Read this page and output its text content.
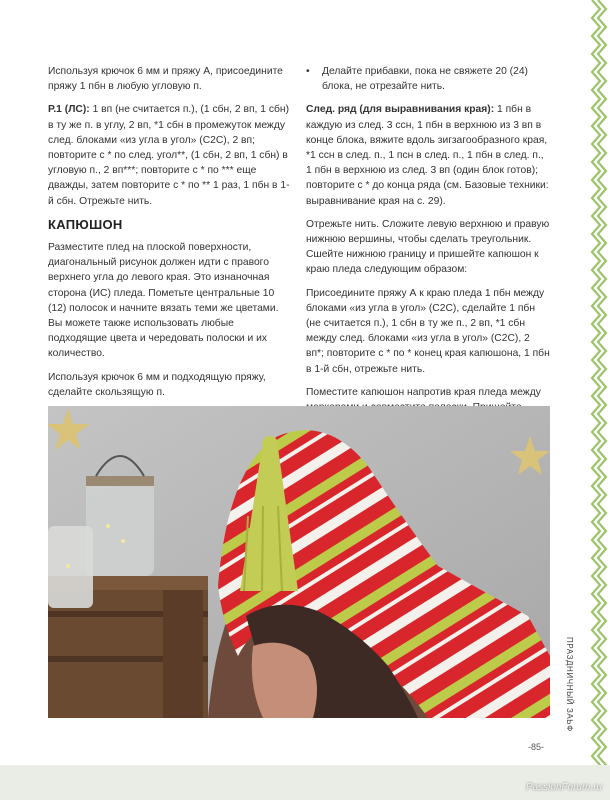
Используя крючок 6 мм и пряжу А, присоедините пряжу 1 пбн в любую угловую п.

Р.1 (ЛС): 1 вп (не считается п.), (1 сбн, 2 вп, 1 сбн) в ту же п. в углу, 2 вп, *1 сбн в промежуток между след. блоками «из угла в угол» (C2C), 2 вп; повторите с * по след. угол**, (1 сбн, 2 вп, 1 сбн) в угловую п., 2 вп***; повторите с * по *** еще дважды, затем повторите с * по ** 1 раз, 1 пбн в 1-й сбн. Отрежьте нить.

КАПЮШОН

Разместите плед на плоской поверхности, диагональный рисунок должен идти с правого верхнего угла до левого края. Это изнаночная сторона (ИС) пледа. Пометьте центральные 10 (12) полосок и начните вязать теми же цветами. Вы можете также использовать любые подходящие цвета и чередовать полоски и их количество.

Используя крючок 6 мм и подходящую пряжу, сделайте скользящую п.

•	Делайте прибавки, пока не свяжете 20 (24) блока, не отрезайте нить.

След. ряд (для выравнивания края): 1 пбн в каждую из след. 3 ссн, 1 пбн в верхнюю из 3 вп в конце блока, вяжите вдоль зигзагообразного края, *1 ссн в след. п., 1 псн в след. п., 1 пбн в след. п., 1 пбн в верхнюю из след. 3 вп (один блок готов); повторите с * до конца ряда (см. Базовые техники: выравнивание края на с. 29).

Отрежьте нить. Сложите левую верхнюю и правую нижнюю вершины, чтобы сделать треугольник. Сшейте нижнюю границу и пришейте капюшон к краю пледа следующим образом:

Присоедините пряжу А к краю пледа 1 пбн между блоками «из угла в угол» (C2C), сделайте 1 пбн (не считается п.), 1 сбн в ту же п., 2 вп, *1 сбн между след. блоками «из угла в угол» (C2C), 2 вп*; повторите с * по * конец края капюшона, 1 пбн в 1-й сбн, отрежьте нить.

Поместите капюшон напротив края пледа между

ПРАЗДНИЧНЫЙ ЗАЬФ
-85-
PassionForum.ru
